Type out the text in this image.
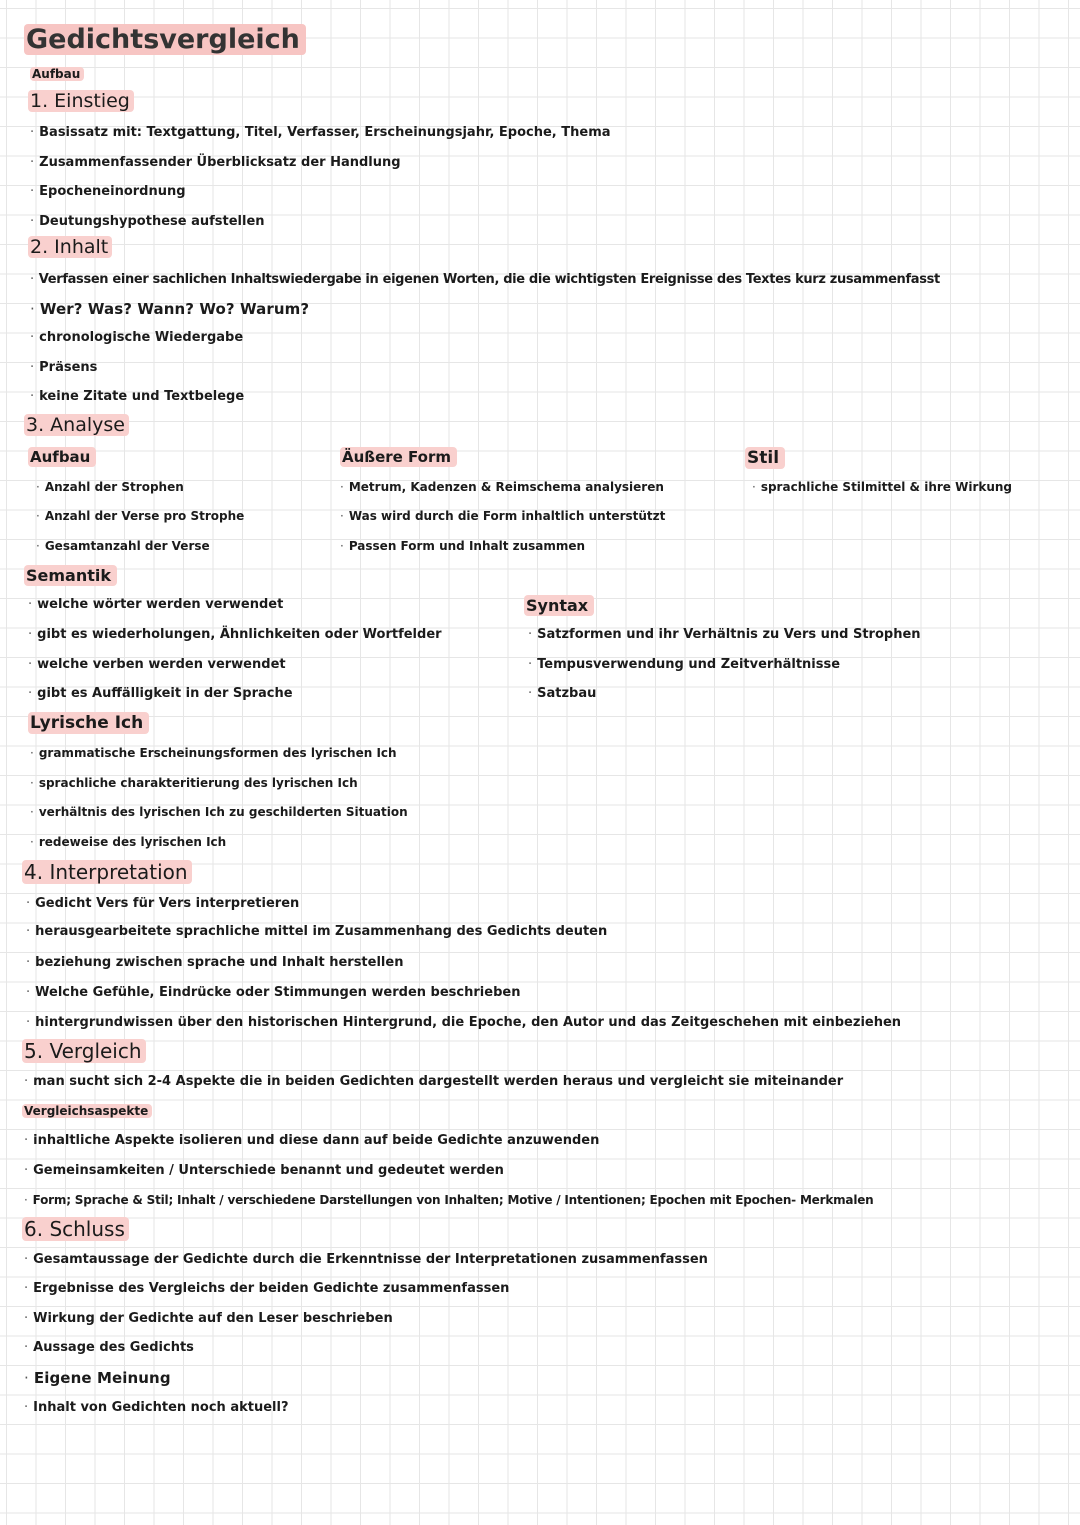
Gedichtsvergleich
Aufbau
1. Einstieg
· Basissatz mit: Textgattung, Titel, Verfasser, Erscheinungsjahr, Epoche, Thema
· Zusammenfassender Überblicksatz der Handlung
· Epocheneinordnung
· Deutungshypothese aufstellen
2. Inhalt
· Verfassen einer sachlichen Inhaltswiedergabe in eigenen Worten, die die wichtigsten Ereignisse des Textes kurz zusammenfasst
· Wer? Was? Wann? Wo? Warum?
· chronologische Wiedergabe
· Präsens
· keine Zitate und Textbelege
3. Analyse
Aufbau
· Anzahl der Strophen
· Anzahl der Verse pro Strophe
· Gesamtanzahl der Verse
Äußere Form
· Metrum, Kadenzen & Reimschema analysieren
· Was wird durch die Form inhaltlich unterstützt
· Passen Form und Inhalt zusammen
Stil
· sprachliche Stilmittel & ihre Wirkung
Semantik
· welche wörter werden verwendet
· gibt es wiederholungen, Ähnlichkeiten oder Wortfelder
· welche verben werden verwendet
· gibt es Auffälligkeit in der Sprache
Syntax
· Satzformen und ihr Verhältnis zu Vers und Strophen
· Tempusverwendung und Zeitverhältnisse
· Satzbau
Lyrische Ich
· grammatische Erscheinungsformen des lyrischen Ich
· sprachliche charakteritierung des lyrischen Ich
· verhältnis des lyrischen Ich zu geschilderten Situation
· redeweise des lyrischen Ich
4. Interpretation
· Gedicht Vers für Vers interpretieren
· herausgearbeitete sprachliche mittel im Zusammenhang des Gedichts deuten
· beziehung zwischen sprache und Inhalt herstellen
· Welche Gefühle, Eindrücke oder Stimmungen werden beschrieben
· hintergrundwissen über den historischen Hintergrund, die Epoche, den Autor und das Zeitgeschehen mit einbeziehen
5. Vergleich
· man sucht sich 2-4 Aspekte die in beiden Gedichten dargestellt werden heraus und vergleicht sie miteinander
Vergleichsaspekte
· inhaltliche Aspekte isolieren und diese dann auf beide Gedichte anzuwenden
· Gemeinsamkeiten / Unterschiede benannt und gedeutet werden
· Form; Sprache & Stil; Inhalt / verschiedene Darstellungen von Inhalten; Motive / Intentionen; Epochen mit Epochen- Merkmalen
6. Schluss
· Gesamtaussage der Gedichte durch die Erkenntnisse der Interpretationen zusammenfassen
· Ergebnisse des Vergleichs der beiden Gedichte zusammenfassen
· Wirkung der Gedichte auf den Leser beschrieben
· Aussage des Gedichts
· Eigene Meinung
· Inhalt von Gedichten noch aktuell?
